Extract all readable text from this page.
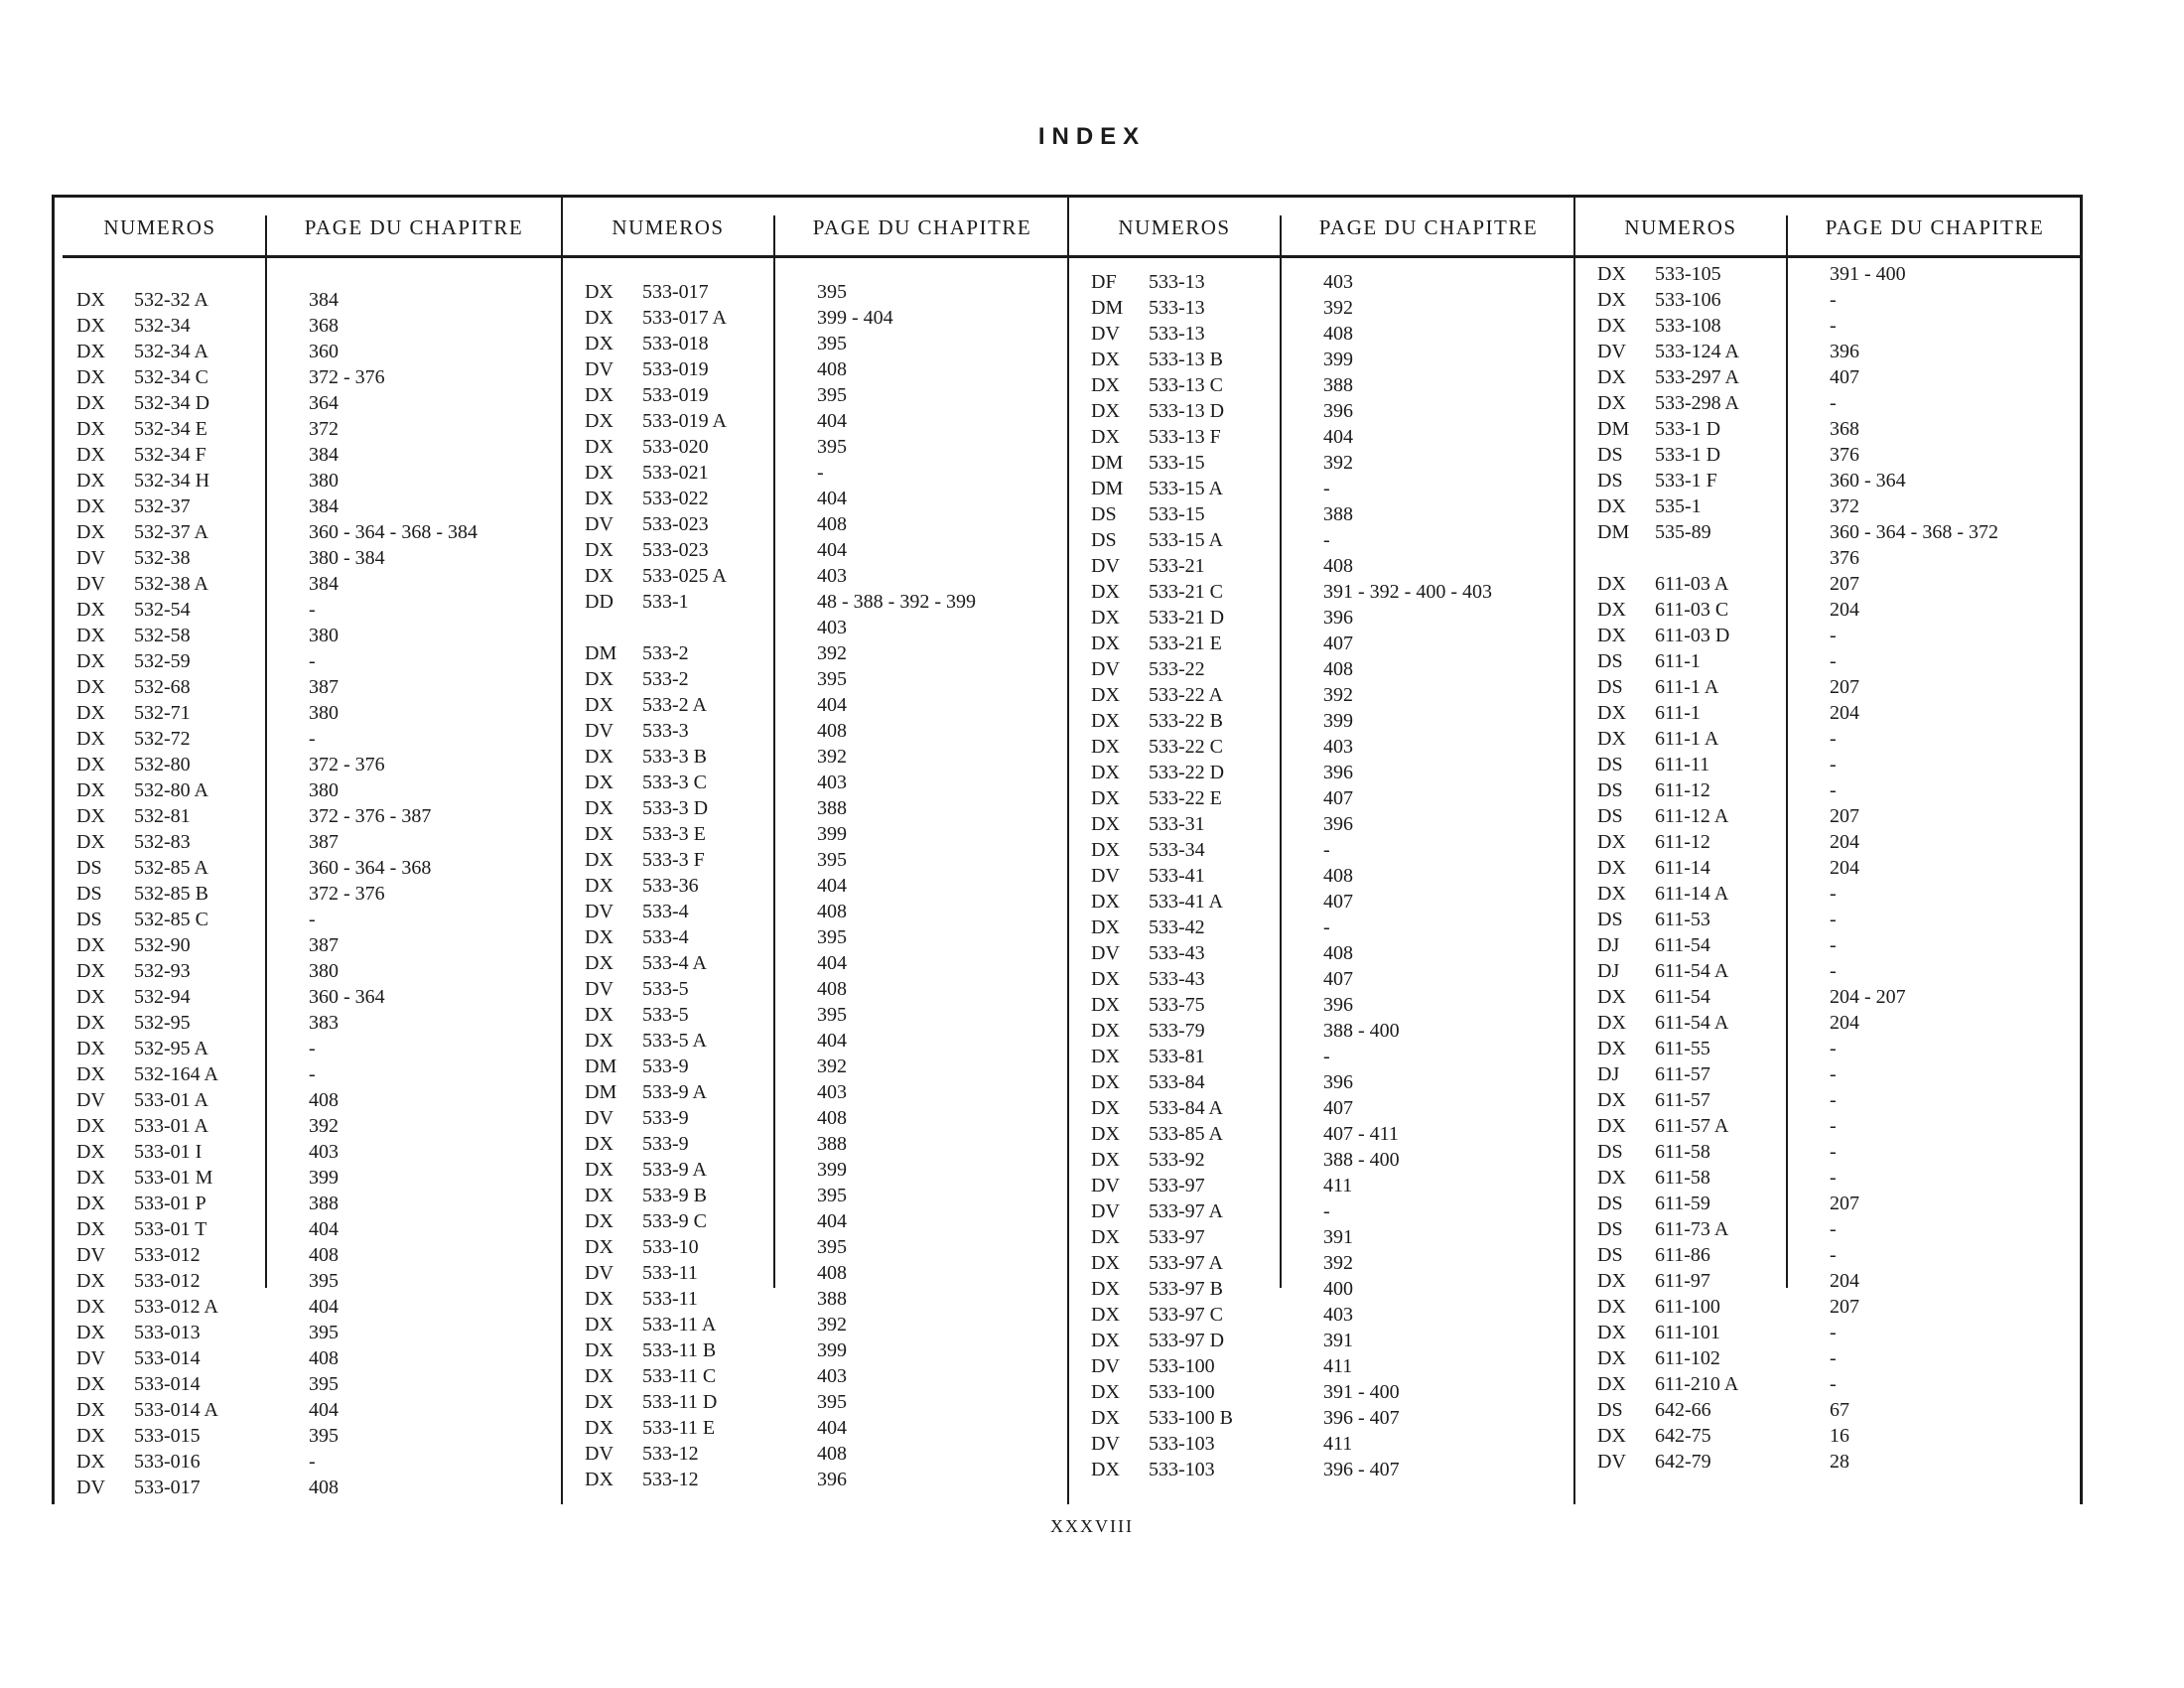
INDEX
NUMEROS	PAGE DU CHAPITRE
DX	532-32 A	384
DX	532-34	368
DX	532-34 A	360
DX	532-34 C	372 - 376
DX	532-34 D	364
DX	532-34 E	372
DX	532-34 F	384
DX	532-34 H	380
DX	532-37	384
DX	532-37 A	360 - 364 - 368 - 384
DV	532-38	380 - 384
DV	532-38 A	384
DX	532-54	-
DX	532-58	380
DX	532-59	-
DX	532-68	387
DX	532-71	380
DX	532-72	-
DX	532-80	372 - 376
DX	532-80 A	380
DX	532-81	372 - 376 - 387
DX	532-83	387
DS	532-85 A	360 - 364 - 368
DS	532-85 B	372 - 376
DS	532-85 C	-
DX	532-90	387
DX	532-93	380
DX	532-94	360 - 364
DX	532-95	383
DX	532-95 A	-
DX	532-164 A	-
DV	533-01 A	408
DX	533-01 A	392
DX	533-01 I	403
DX	533-01 M	399
DX	533-01 P	388
DX	533-01 T	404
DV	533-012	408
DX	533-012	395
DX	533-012 A	404
DX	533-013	395
DV	533-014	408
DX	533-014	395
DX	533-014 A	404
DX	533-015	395
DX	533-016	-
DV	533-017	408
NUMEROS	PAGE DU CHAPITRE
DX	533-017	395
DX	533-017 A	399 - 404
DX	533-018	395
DV	533-019	408
DX	533-019	395
DX	533-019 A	404
DX	533-020	395
DX	533-021	-
DX	533-022	404
DV	533-023	408
DX	533-023	404
DX	533-025 A	403
DD	533-1	48 - 388 - 392 - 399
403
DM	533-2	392
DX	533-2	395
DX	533-2 A	404
DV	533-3	408
DX	533-3 B	392
DX	533-3 C	403
DX	533-3 D	388
DX	533-3 E	399
DX	533-3 F	395
DX	533-36	404
DV	533-4	408
DX	533-4	395
DX	533-4 A	404
DV	533-5	408
DX	533-5	395
DX	533-5 A	404
DM	533-9	392
DM	533-9 A	403
DV	533-9	408
DX	533-9	388
DX	533-9 A	399
DX	533-9 B	395
DX	533-9 C	404
DX	533-10	395
DV	533-11	408
DX	533-11	388
DX	533-11 A	392
DX	533-11 B	399
DX	533-11 C	403
DX	533-11 D	395
DX	533-11 E	404
DV	533-12	408
DX	533-12	396
NUMEROS	PAGE DU CHAPITRE
DF	533-13	403
DM	533-13	392
DV	533-13	408
DX	533-13 B	399
DX	533-13 C	388
DX	533-13 D	396
DX	533-13 F	404
DM	533-15	392
DM	533-15 A	-
DS	533-15	388
DS	533-15 A	-
DV	533-21	408
DX	533-21 C	391 - 392 - 400 - 403
DX	533-21 D	396
DX	533-21 E	407
DV	533-22	408
DX	533-22 A	392
DX	533-22 B	399
DX	533-22 C	403
DX	533-22 D	396
DX	533-22 E	407
DX	533-31	396
DX	533-34	-
DV	533-41	408
DX	533-41 A	407
DX	533-42	-
DV	533-43	408
DX	533-43	407
DX	533-75	396
DX	533-79	388 - 400
DX	533-81	-
DX	533-84	396
DX	533-84 A	407
DX	533-85 A	407 - 411
DX	533-92	388 - 400
DV	533-97	411
DV	533-97 A	-
DX	533-97	391
DX	533-97 A	392
DX	533-97 B	400
DX	533-97 C	403
DX	533-97 D	391
DV	533-100	411
DX	533-100	391 - 400
DX	533-100 B	396 - 407
DV	533-103	411
DX	533-103	396 - 407
NUMEROS	PAGE DU CHAPITRE
DX	533-105	391 - 400
DX	533-106	-
DX	533-108	-
DV	533-124 A	396
DX	533-297 A	407
DX	533-298 A	-
DM	533-1 D	368
DS	533-1 D	376
DS	533-1 F	360 - 364
DX	535-1	372
DM	535-89	360 - 364 - 368 - 372
376
DX	611-03 A	207
DX	611-03 C	204
DX	611-03 D	-
DS	611-1	-
DS	611-1 A	207
DX	611-1	204
DX	611-1 A	-
DS	611-11	-
DS	611-12	-
DS	611-12 A	207
DX	611-12	204
DX	611-14	204
DX	611-14 A	-
DS	611-53	-
DJ	611-54	-
DJ	611-54 A	-
DX	611-54	204 - 207
DX	611-54 A	204
DX	611-55	-
DJ	611-57	-
DX	611-57	-
DX	611-57 A	-
DS	611-58	-
DX	611-58	-
DS	611-59	207
DS	611-73 A	-
DS	611-86	-
DX	611-97	204
DX	611-100	207
DX	611-101	-
DX	611-102	-
DX	611-210 A	-
DS	642-66	67
DX	642-75	16
DV	642-79	28
XXXVIII
